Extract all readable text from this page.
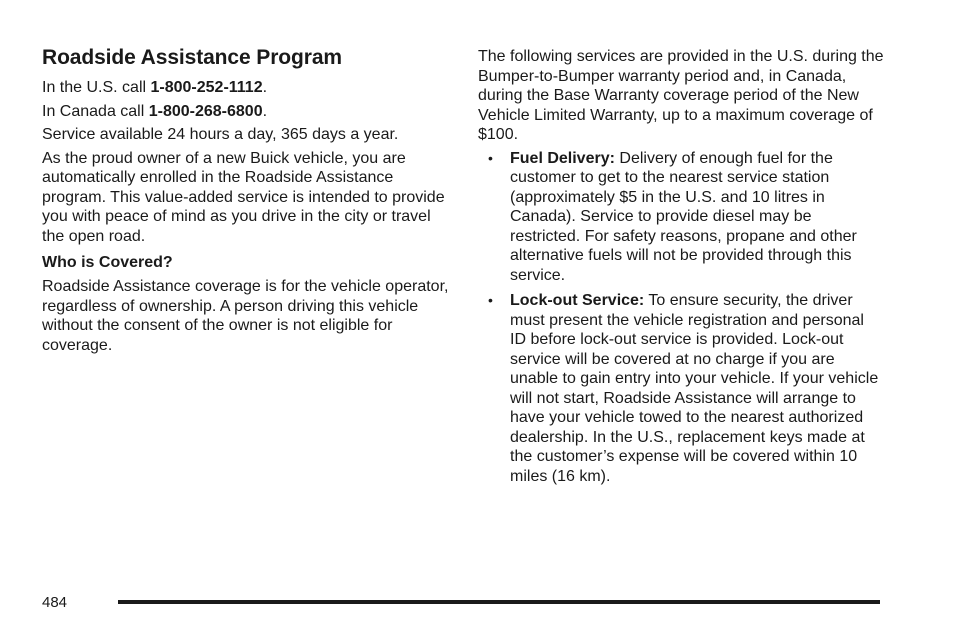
Roadside Assistance Program

In the U.S. call 1-800-252-1112.

In Canada call 1-800-268-6800.

Service available 24 hours a day, 365 days a year.

As the proud owner of a new Buick vehicle, you are automatically enrolled in the Roadside Assistance program. This value-added service is intended to provide you with peace of mind as you drive in the city or travel the open road.

Who is Covered?

Roadside Assistance coverage is for the vehicle operator, regardless of ownership. A person driving this vehicle without the consent of the owner is not eligible for coverage.

The following services are provided in the U.S. during the Bumper-to-Bumper warranty period and, in Canada, during the Base Warranty coverage period of the New Vehicle Limited Warranty, up to a maximum coverage of $100.

• Fuel Delivery: Delivery of enough fuel for the customer to get to the nearest service station (approximately $5 in the U.S. and 10 litres in Canada). Service to provide diesel may be restricted. For safety reasons, propane and other alternative fuels will not be provided through this service.
• Lock-out Service: To ensure security, the driver must present the vehicle registration and personal ID before lock-out service is provided. Lock-out service will be covered at no charge if you are unable to gain entry into your vehicle. If your vehicle will not start, Roadside Assistance will arrange to have your vehicle towed to the nearest authorized dealership. In the U.S., replacement keys made at the customer’s expense will be covered within 10 miles (16 km).
484
